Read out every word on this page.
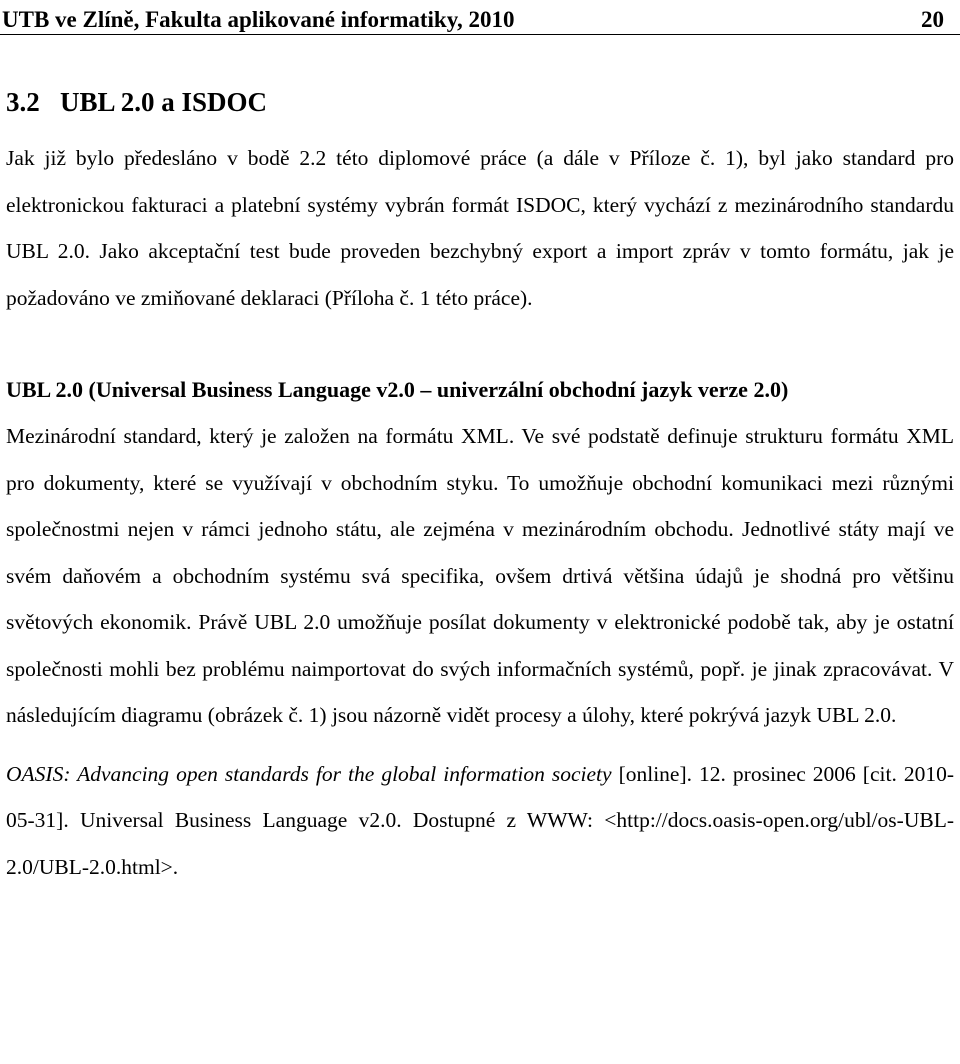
UTB ve Zlíně, Fakulta aplikované informatiky, 2010	20
3.2   UBL 2.0 a ISDOC

Jak již bylo předesláno v bodě 2.2 této diplomové práce (a dále v Příloze č. 1), byl jako standard pro elektronickou fakturaci a platební systémy vybrán formát ISDOC, který vychází z mezinárodního standardu UBL 2.0. Jako akceptační test bude proveden bezchybný export a import zpráv v tomto formátu, jak je požadováno ve zmiňované deklaraci (Příloha č. 1 této práce).

UBL 2.0 (Universal Business Language v2.0 – univerzální obchodní jazyk verze 2.0)

Mezinárodní standard, který je založen na formátu XML. Ve své podstatě definuje strukturu formátu XML pro dokumenty, které se využívají v obchodním styku. To umožňuje obchodní komunikaci mezi různými společnostmi nejen v rámci jednoho státu, ale zejména v mezinárodním obchodu. Jednotlivé státy mají ve svém daňovém a obchodním systému svá specifika, ovšem drtivá většina údajů je shodná pro většinu světových ekonomik. Právě UBL 2.0 umožňuje posílat dokumenty v elektronické podobě tak, aby je ostatní společnosti mohli bez problému naimportovat do svých informačních systémů, popř. je jinak zpracovávat. V následujícím diagramu (obrázek č. 1) jsou názorně vidět procesy a úlohy, které pokrývá jazyk UBL 2.0.

OASIS: Advancing open standards for the global information society [online]. 12. prosinec 2006 [cit. 2010-05-31]. Universal Business Language v2.0. Dostupné z WWW: <http://docs.oasis-open.org/ubl/os-UBL-2.0/UBL-2.0.html>.
